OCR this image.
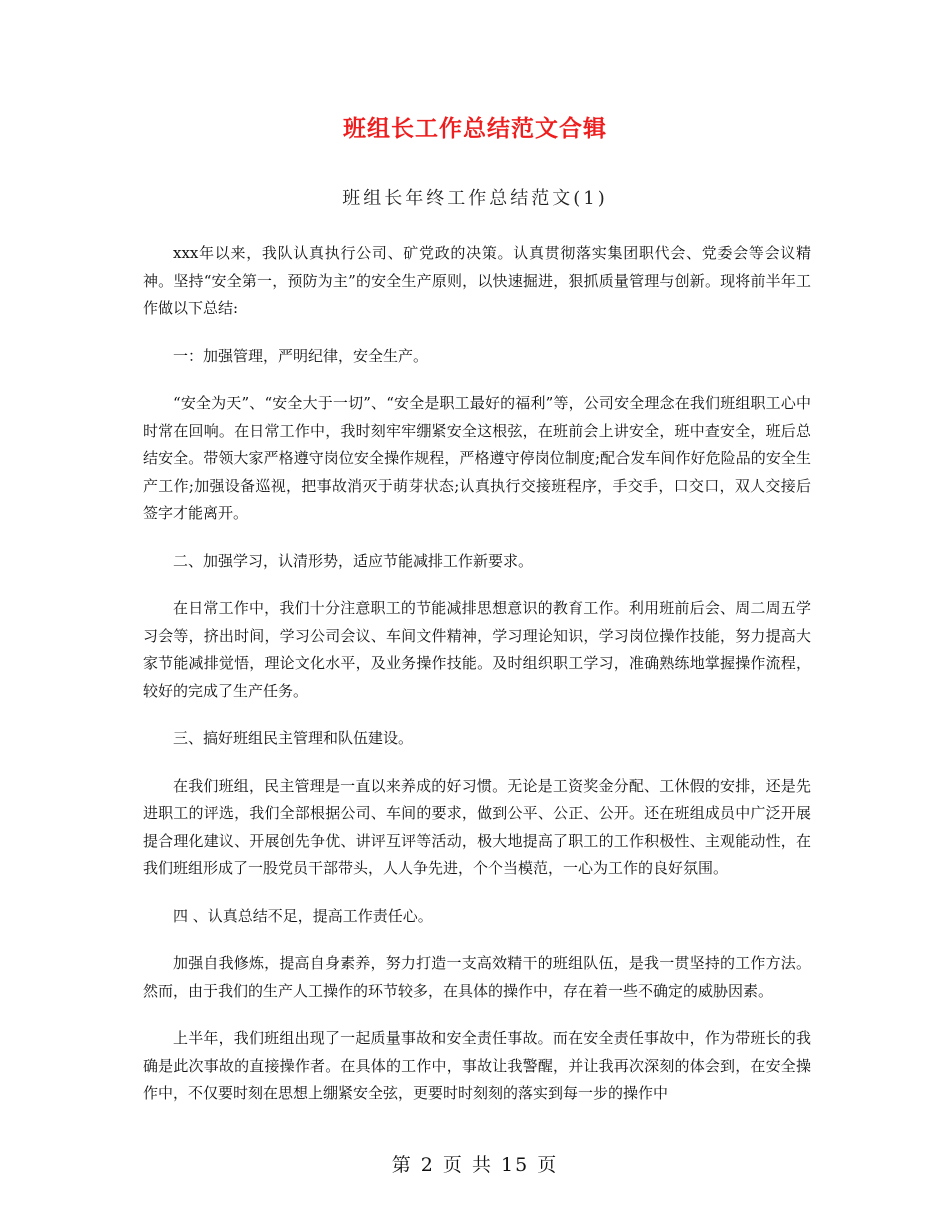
班组长工作总结范文合辑
班组长年终工作总结范文(1)

xxx年以来，我队认真执行公司、矿党政的决策。认真贯彻落实集团职代会、党委会等会议精神。坚持“安全第一，预防为主”的安全生产原则，以快速掘进，狠抓质量管理与创新。现将前半年工作做以下总结:

一：加强管理，严明纪律，安全生产。

“安全为天”、“安全大于一切”、“安全是职工最好的福利”等，公司安全理念在我们班组职工心中时常在回响。在日常工作中，我时刻牢牢绷紧安全这根弦，在班前会上讲安全，班中查安全，班后总结安全。带领大家严格遵守岗位安全操作规程，严格遵守停岗位制度;配合发车间作好危险品的安全生产工作;加强设备巡视，把事故消灭于萌芽状态;认真执行交接班程序，手交手，口交口，双人交接后签字才能离开。

二、加强学习，认清形势，适应节能减排工作新要求。

在日常工作中，我们十分注意职工的节能减排思想意识的教育工作。利用班前后会、周二周五学习会等，挤出时间，学习公司会议、车间文件精神，学习理论知识，学习岗位操作技能，努力提高大家节能减排觉悟，理论文化水平，及业务操作技能。及时组织职工学习，准确熟练地掌握操作流程，较好的完成了生产任务。

三、搞好班组民主管理和队伍建设。

在我们班组，民主管理是一直以来养成的好习惯。无论是工资奖金分配、工休假的安排，还是先进职工的评选，我们全部根据公司、车间的要求，做到公平、公正、公开。还在班组成员中广泛开展提合理化建议、开展创先争优、讲评互评等活动，极大地提高了职工的工作积极性、主观能动性，在我们班组形成了一股党员干部带头，人人争先进，个个当模范，一心为工作的良好氛围。

四 、认真总结不足，提高工作责任心。

加强自我修炼，提高自身素养，努力打造一支高效精干的班组队伍，是我一贯坚持的工作方法。然而，由于我们的生产人工操作的环节较多，在具体的操作中，存在着一些不确定的威胁因素。

上半年，我们班组出现了一起质量事故和安全责任事故。而在安全责任事故中，作为带班长的我确是此次事故的直接操作者。在具体的工作中，事故让我警醒，并让我再次深刻的体会到，在安全操作中，不仅要时刻在思想上绷紧安全弦，更要时时刻刻的落实到每一步的操作中

第 2 页 共 15 页
